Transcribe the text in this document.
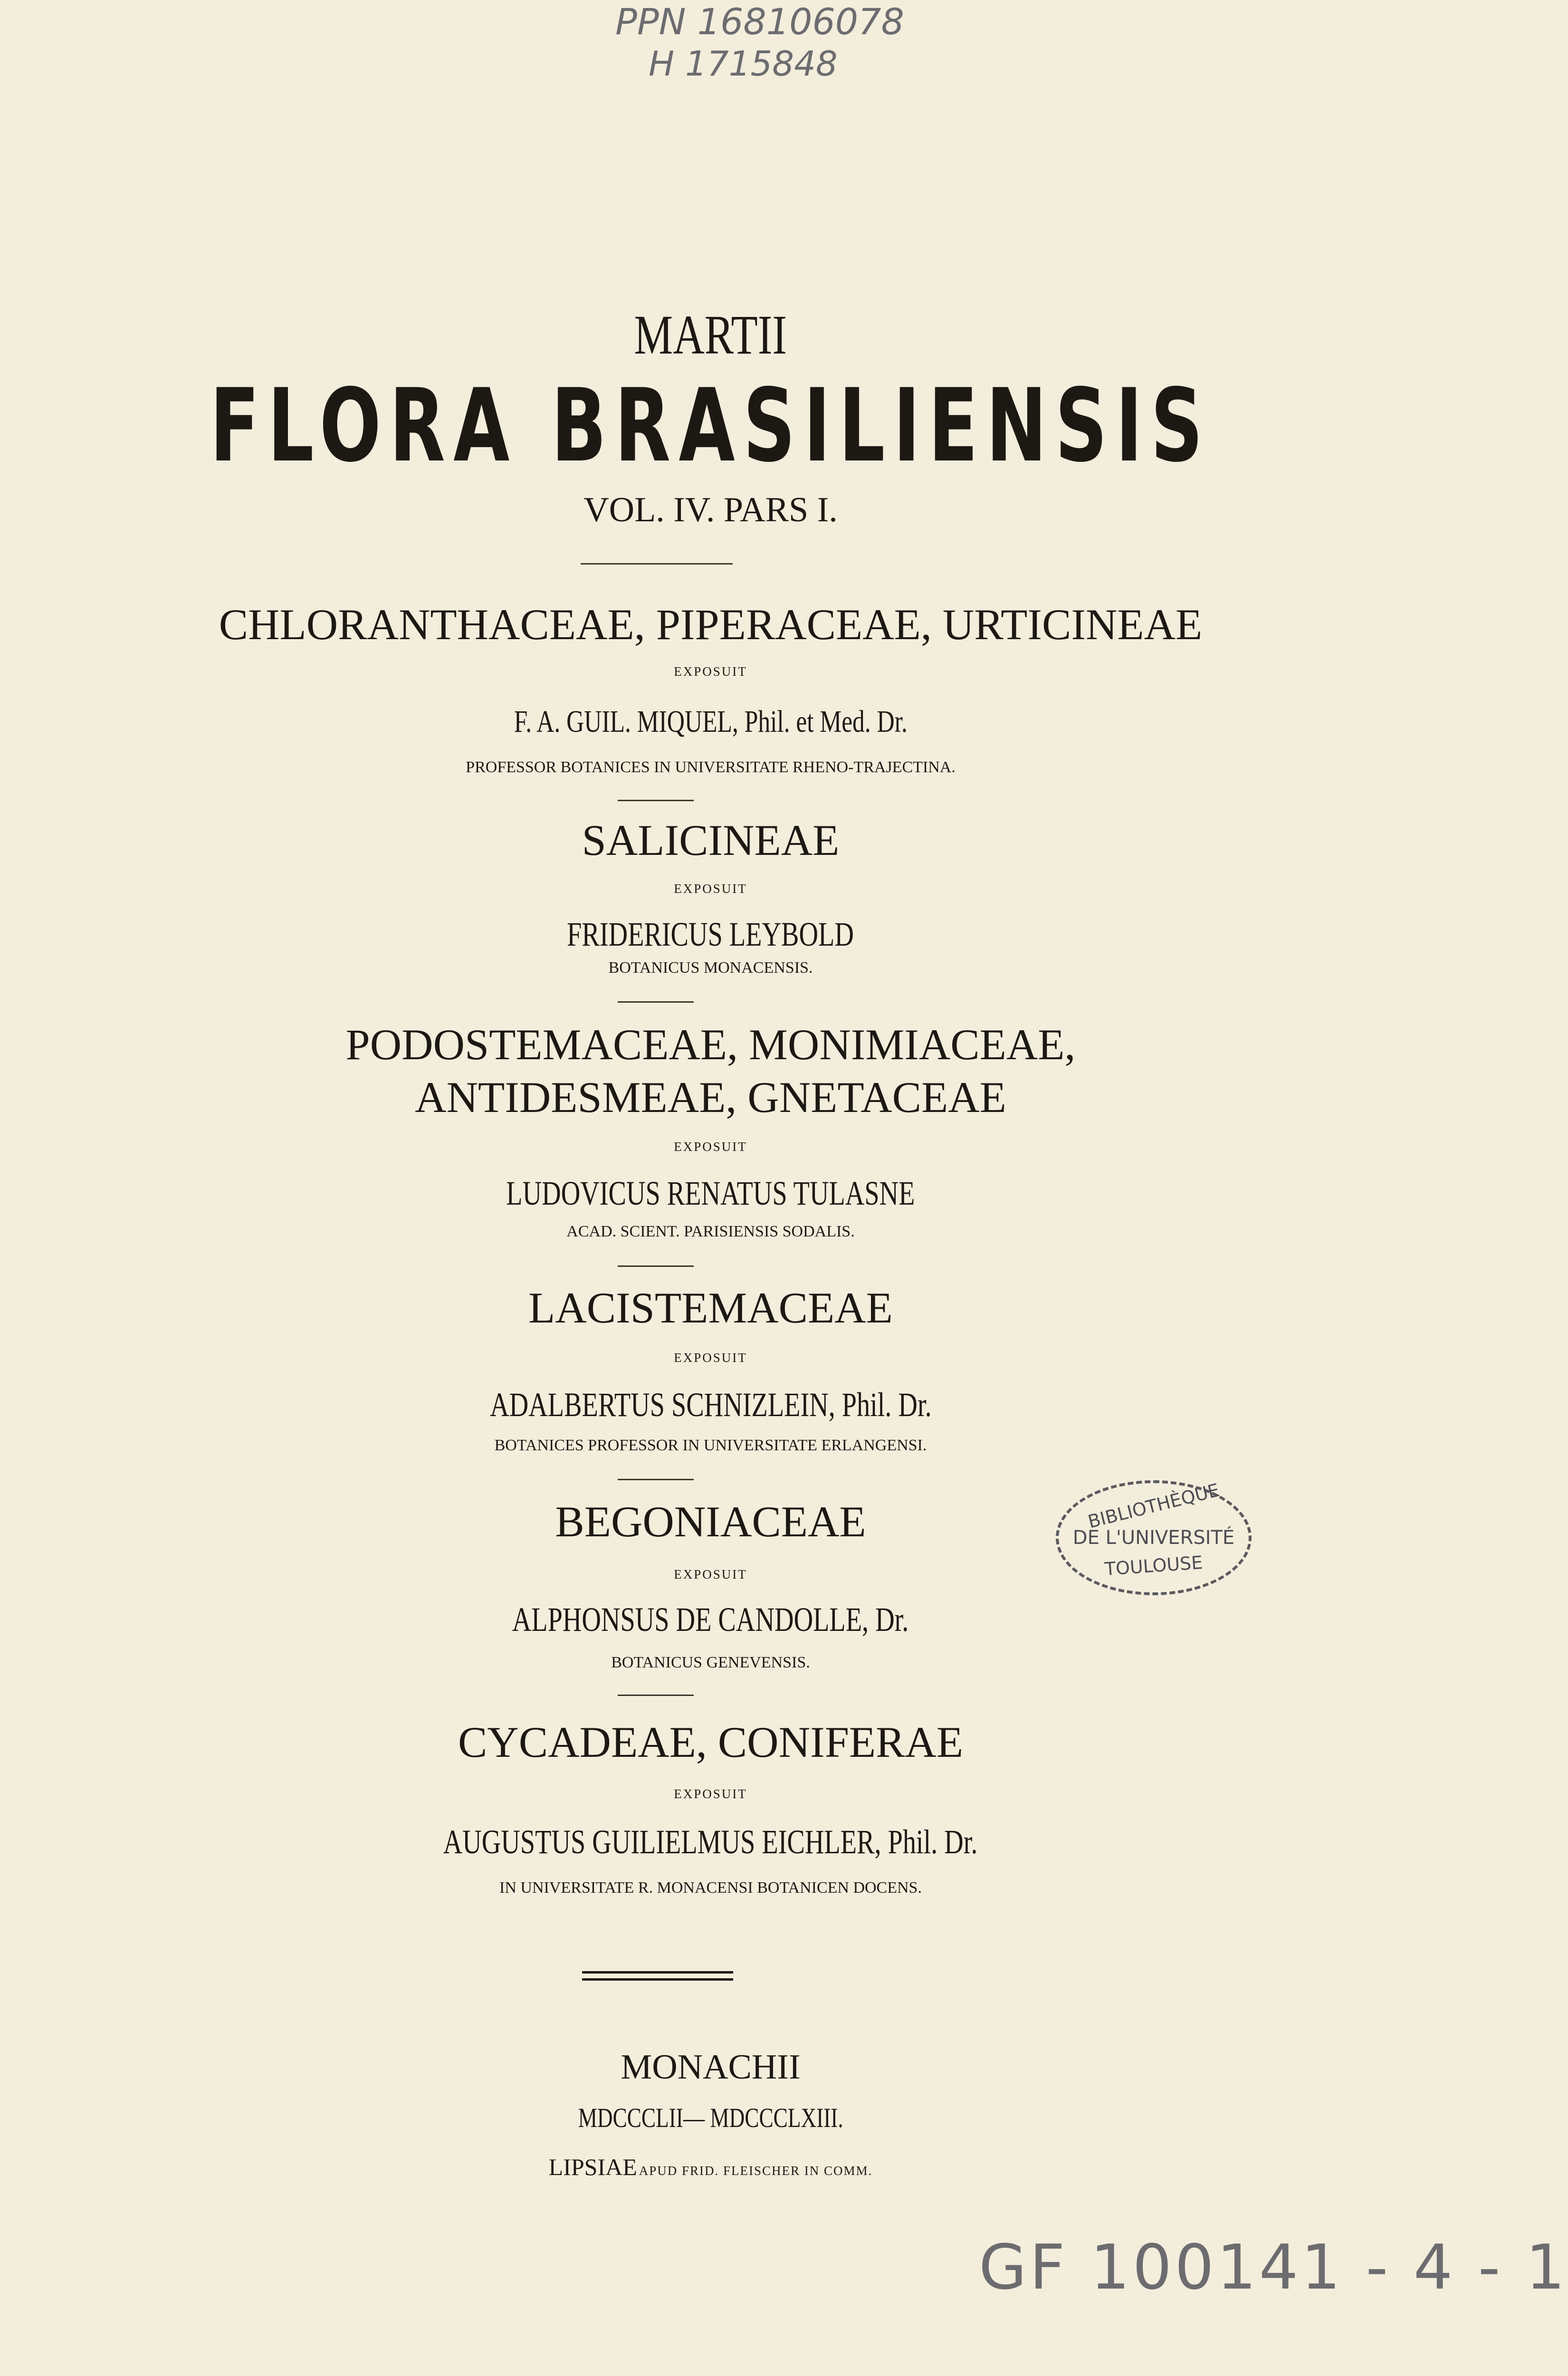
PPN 168106078
H 1715848
MARTII
FLORA BRASILIENSIS
VOL. IV. PARS I.
CHLORANTHACEAE, PIPERACEAE, URTICINEAE
EXPOSUIT
F. A. GUIL. MIQUEL, Phil. et Med. Dr.
PROFESSOR BOTANICES IN UNIVERSITATE RHENO-TRAJECTINA.
SALICINEAE
EXPOSUIT
FRIDERICUS LEYBOLD
BOTANICUS MONACENSIS.
PODOSTEMACEAE, MONIMIACEAE,
ANTIDESMEAE, GNETACEAE
EXPOSUIT
LUDOVICUS RENATUS TULASNE
ACAD. SCIENT. PARISIENSIS SODALIS.
LACISTEMACEAE
EXPOSUIT
ADALBERTUS SCHNIZLEIN, Phil. Dr.
BOTANICES PROFESSOR IN UNIVERSITATE ERLANGENSI.
BEGONIACEAE
EXPOSUIT
ALPHONSUS DE CANDOLLE, Dr.
BOTANICUS GENEVENSIS.
CYCADEAE, CONIFERAE
EXPOSUIT
AUGUSTUS GUILIELMUS EICHLER, Phil. Dr.
IN UNIVERSITATE R. MONACENSI BOTANICEN DOCENS.
MONACHII
MDCCCLII— MDCCCLXIII.
LIPSIAE APUD FRID. FLEISCHER IN COMM.
BIBLIOTHÈQUE
DE L'UNIVERSITÉ
TOULOUSE
GF 100141 - 4 - 1
